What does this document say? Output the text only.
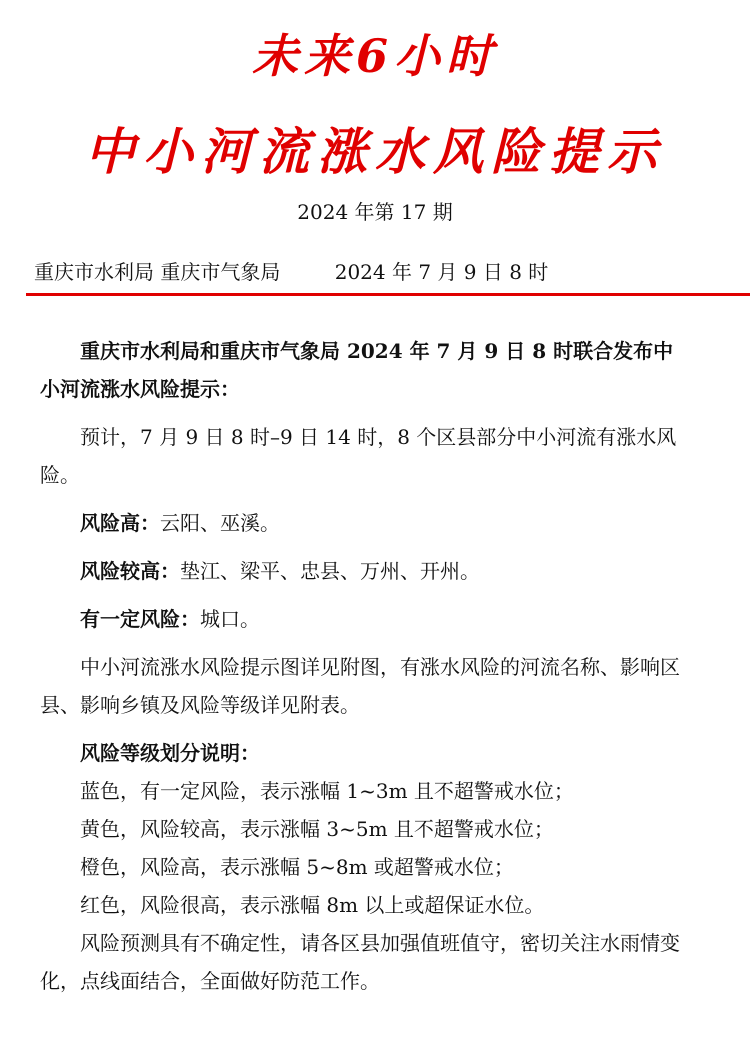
未来6小时
中小河流涨水风险提示
2024 年第 17 期
重庆市水利局 重庆市气象局	2024 年 7 月 9 日 8 时

重庆市水利局和重庆市气象局 2024 年 7 月 9 日 8 时联合发布中小河流涨水风险提示：

预计，7 月 9 日 8 时–9 日 14 时，8 个区县部分中小河流有涨水风险。

风险高：云阳、巫溪。

风险较高：垫江、梁平、忠县、万州、开州。

有一定风险：城口。

中小河流涨水风险提示图详见附图，有涨水风险的河流名称、影响区县、影响乡镇及风险等级详见附表。

风险等级划分说明：

蓝色，有一定风险，表示涨幅 1~3m 且不超警戒水位；

黄色，风险较高，表示涨幅 3~5m 且不超警戒水位；

橙色，风险高，表示涨幅 5~8m 或超警戒水位；

红色，风险很高，表示涨幅 8m 以上或超保证水位。

风险预测具有不确定性，请各区县加强值班值守，密切关注水雨情变化，点线面结合，全面做好防范工作。
